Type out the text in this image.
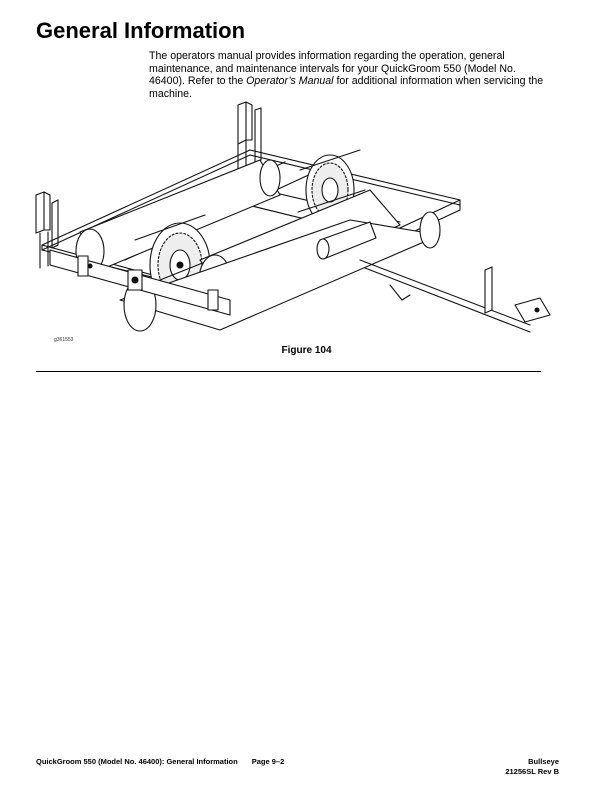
General Information

The operators manual provides information regarding the operation, general maintenance, and maintenance intervals for your QuickGroom 550 (Model No. 46400). Refer to the Operator’s Manual for additional information when servicing the machine.

g361553
Figure 104
QuickGroom 550 (Model No. 46400): General Information Page 9–2	Bullseye
21256SL Rev B
